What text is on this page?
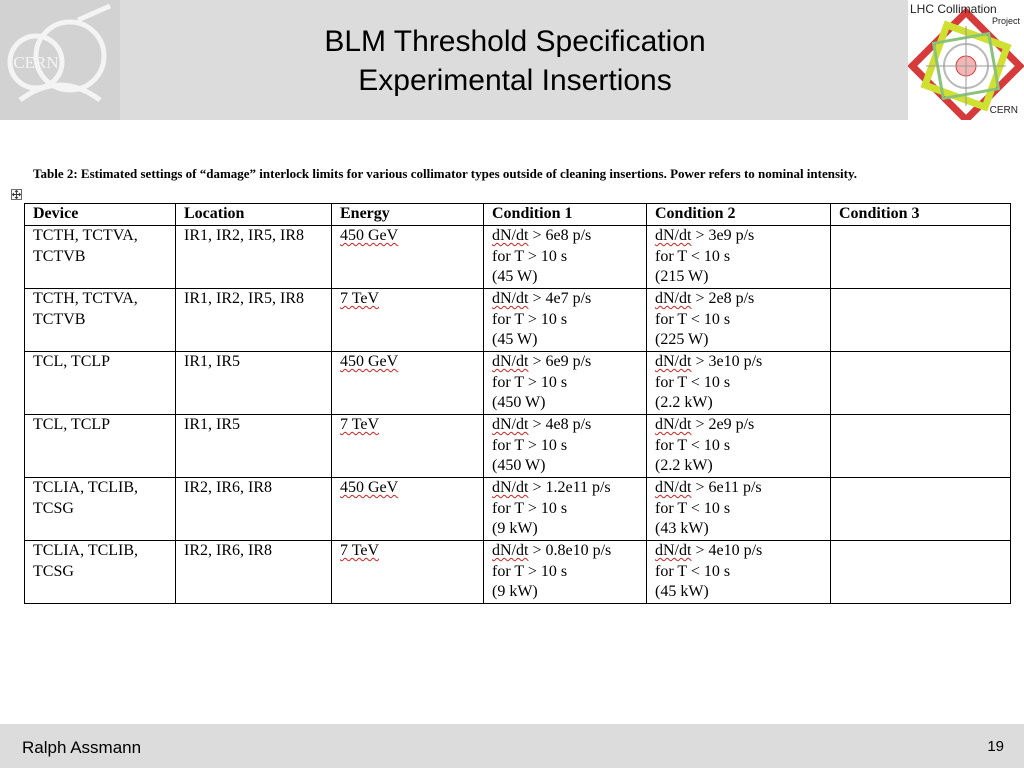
CERN
BLM Threshold Specification
Experimental Insertions
LHC Collimation
Project
CERN
Table 2: Estimated settings of “damage” interlock limits for various collimator types outside of cleaning insertions. Power refers to nominal intensity.
Device	Location	Energy	Condition 1	Condition 2	Condition 3
TCTH, TCTVA,
TCTVB	IR1, IR2, IR5, IR8	450 GeV	dN/dt > 6e8 p/s
for T > 10 s
(45 W)	dN/dt > 3e9 p/s
for T < 10 s
(215 W)	
TCTH, TCTVA,
TCTVB	IR1, IR2, IR5, IR8	7 TeV	dN/dt > 4e7 p/s
for T > 10 s
(45 W)	dN/dt > 2e8 p/s
for T < 10 s
(225 W)	
TCL, TCLP	IR1, IR5	450 GeV	dN/dt > 6e9 p/s
for T > 10 s
(450 W)	dN/dt > 3e10 p/s
for T < 10 s
(2.2 kW)	
TCL, TCLP	IR1, IR5	7 TeV	dN/dt > 4e8 p/s
for T > 10 s
(450 W)	dN/dt > 2e9 p/s
for T < 10 s
(2.2 kW)	
TCLIA, TCLIB,
TCSG	IR2, IR6, IR8	450 GeV	dN/dt > 1.2e11 p/s
for T > 10 s
(9 kW)	dN/dt > 6e11 p/s
for T < 10 s
(43 kW)	
TCLIA, TCLIB,
TCSG	IR2, IR6, IR8	7 TeV	dN/dt > 0.8e10 p/s
for T > 10 s
(9 kW)	dN/dt > 4e10 p/s
for T < 10 s
(45 kW)	
Ralph Assmann	19
